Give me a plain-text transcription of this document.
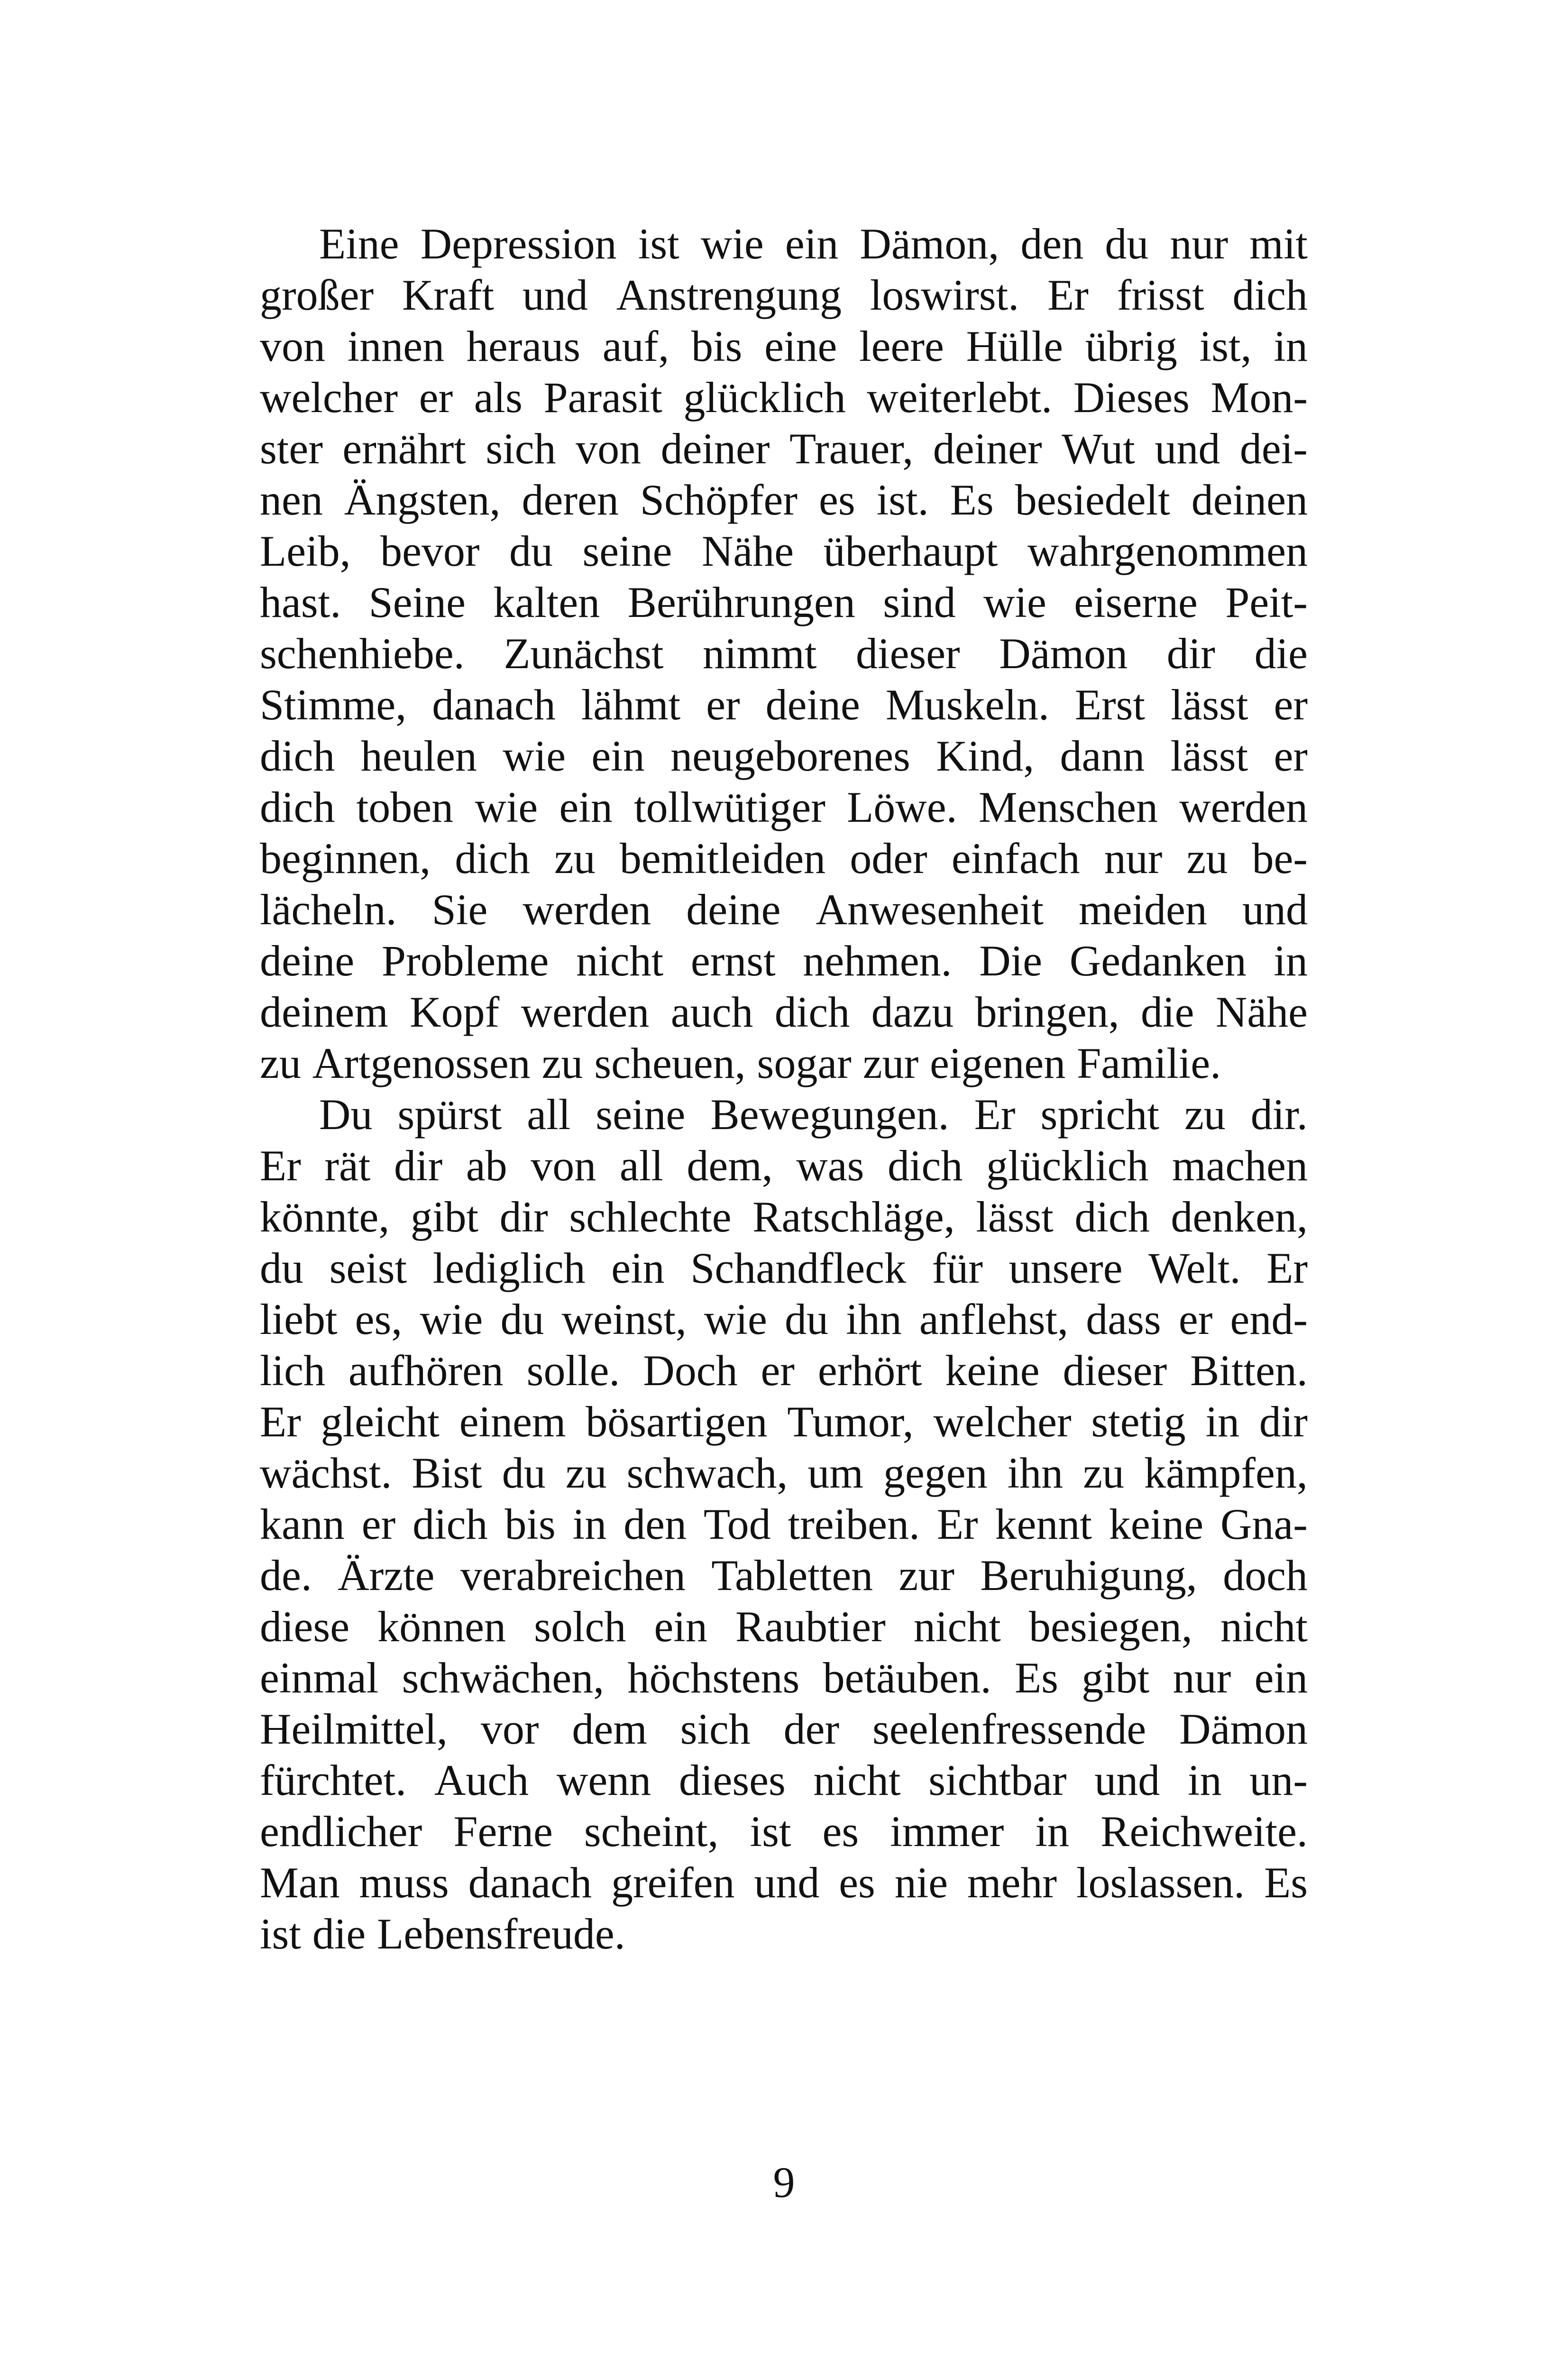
Eine Depression ist wie ein Dämon, den du nur mit
großer Kraft und Anstrengung loswirst. Er frisst dich
von innen heraus auf, bis eine leere Hülle übrig ist, in
welcher er als Parasit glücklich weiterlebt. Dieses Mon-
ster ernährt sich von deiner Trauer, deiner Wut und dei-
nen Ängsten, deren Schöpfer es ist. Es besiedelt deinen
Leib, bevor du seine Nähe überhaupt wahrgenommen
hast. Seine kalten Berührungen sind wie eiserne Peit-
schenhiebe. Zunächst nimmt dieser Dämon dir die
Stimme, danach lähmt er deine Muskeln. Erst lässt er
dich heulen wie ein neugeborenes Kind, dann lässt er
dich toben wie ein tollwütiger Löwe. Menschen werden
beginnen, dich zu bemitleiden oder einfach nur zu be-
lächeln. Sie werden deine Anwesenheit meiden und
deine Probleme nicht ernst nehmen. Die Gedanken in
deinem Kopf werden auch dich dazu bringen, die Nähe
zu Artgenossen zu scheuen, sogar zur eigenen Familie.
Du spürst all seine Bewegungen. Er spricht zu dir.
Er rät dir ab von all dem, was dich glücklich machen
könnte, gibt dir schlechte Ratschläge, lässt dich denken,
du seist lediglich ein Schandfleck für unsere Welt. Er
liebt es, wie du weinst, wie du ihn anflehst, dass er end-
lich aufhören solle. Doch er erhört keine dieser Bitten.
Er gleicht einem bösartigen Tumor, welcher stetig in dir
wächst. Bist du zu schwach, um gegen ihn zu kämpfen,
kann er dich bis in den Tod treiben. Er kennt keine Gna-
de. Ärzte verabreichen Tabletten zur Beruhigung, doch
diese können solch ein Raubtier nicht besiegen, nicht
einmal schwächen, höchstens betäuben. Es gibt nur ein
Heilmittel, vor dem sich der seelenfressende Dämon
fürchtet. Auch wenn dieses nicht sichtbar und in un-
endlicher Ferne scheint, ist es immer in Reichweite.
Man muss danach greifen und es nie mehr loslassen. Es
ist die Lebensfreude.
9
